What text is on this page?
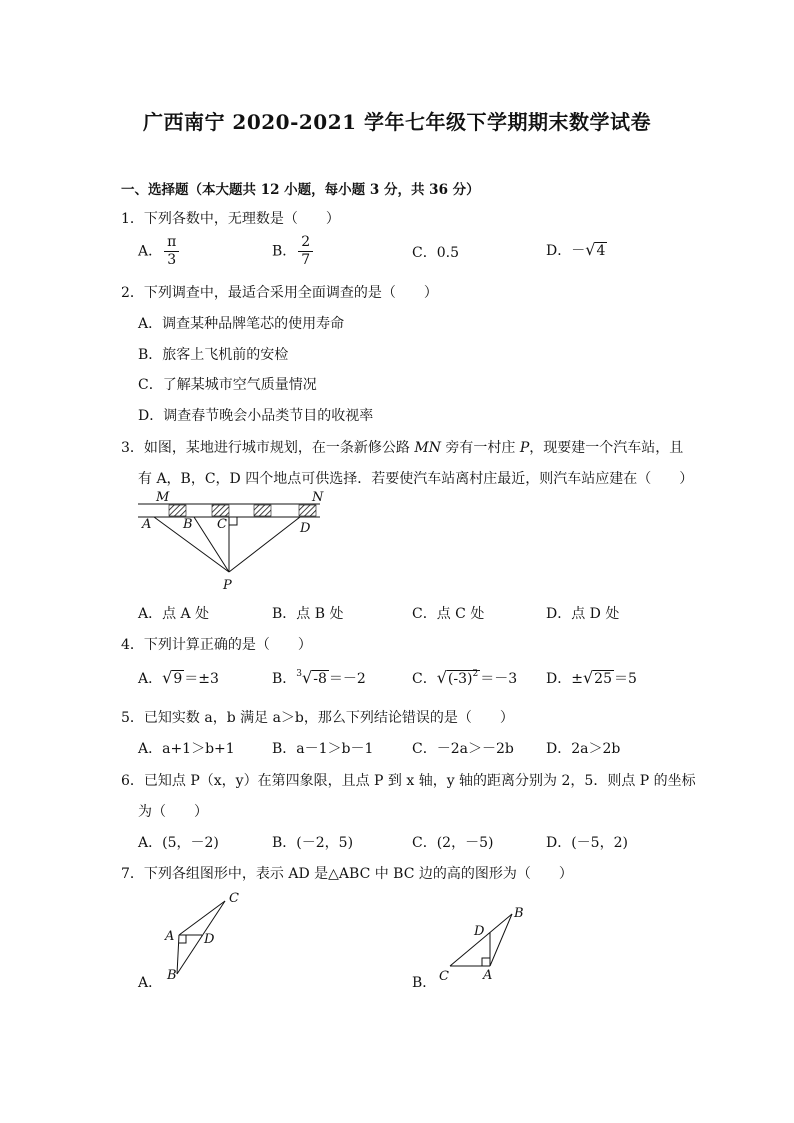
广西南宁 2020-2021 学年七年级下学期期末数学试卷
一、选择题（本大题共 12 小题，每小题 3 分，共 36 分）
1．下列各数中，无理数是（　　）
A． $\frac{\pi}{3}$	B． $\frac{2}{7}$	C．0.5	D．－√4
2．下列调查中，最适合采用全面调查的是（　　）
A．调查某种品牌笔芯的使用寿命
B．旅客上飞机前的安检
C．了解某城市空气质量情况
D．调查春节晚会小品类节目的收视率
3．如图，某地进行城市规划，在一条新修公路 MN 旁有一村庄 P，现要建一个汽车站，且
有 A，B，C，D 四个地点可供选择．若要使汽车站离村庄最近，则汽车站应建在（　　）
M	N
A B C	D
P
A．点 A 处	B．点 B 处	C．点 C 处	D．点 D 处
4．下列计算正确的是（　　）
A．√9 ＝±3	B．$^3$√-8 ＝－2	C．$√(-3)^2 =-3$ D．±√25 ＝5
5．已知实数 a，b 满足 a＞b，那么下列结论错误的是（　　）
A．a+1＞b+1	B．a－1＞b－1	C．－2a＞－2b D．2a＞2b
6．已知点 P（x，y）在第四象限，且点 P 到 x 轴，y 轴的距离分别为 2，5．则点 P 的坐标
为（　　）
A．(5，－2)	B．(－2，5)	C．(2，－5)	D．(－5，2)
7．下列各组图形中，表示 AD 是△ABC 中 BC 边的高的图形为（　　）
C
A D
B
A．
B
D
C	A
B．
